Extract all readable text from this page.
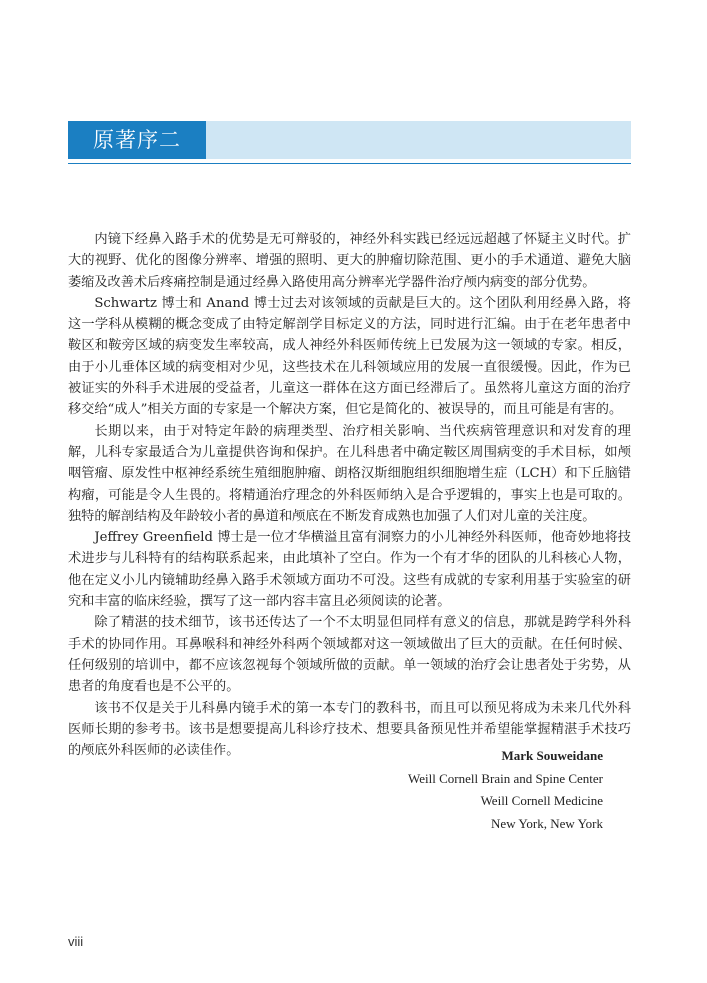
原著序二

内镜下经鼻入路手术的优势是无可辩驳的，神经外科实践已经远远超越了怀疑主义时代。扩大的视野、优化的图像分辨率、增强的照明、更大的肿瘤切除范围、更小的手术通道、避免大脑萎缩及改善术后疼痛控制是通过经鼻入路使用高分辨率光学器件治疗颅内病变的部分优势。

Schwartz 博士和 Anand 博士过去对该领域的贡献是巨大的。这个团队利用经鼻入路，将这一学科从模糊的概念变成了由特定解剖学目标定义的方法，同时进行汇编。由于在老年患者中鞍区和鞍旁区域的病变发生率较高，成人神经外科医师传统上已发展为这一领域的专家。相反，由于小儿垂体区域的病变相对少见，这些技术在儿科领域应用的发展一直很缓慢。因此，作为已被证实的外科手术进展的受益者，儿童这一群体在这方面已经滞后了。虽然将儿童这方面的治疗移交给“成人”相关方面的专家是一个解决方案，但它是简化的、被误导的，而且可能是有害的。

长期以来，由于对特定年龄的病理类型、治疗相关影响、当代疾病管理意识和对发育的理解，儿科专家最适合为儿童提供咨询和保护。在儿科患者中确定鞍区周围病变的手术目标，如颅咽管瘤、原发性中枢神经系统生殖细胞肿瘤、朗格汉斯细胞组织细胞增生症（LCH）和下丘脑错构瘤，可能是令人生畏的。将精通治疗理念的外科医师纳入是合乎逻辑的，事实上也是可取的。独特的解剖结构及年龄较小者的鼻道和颅底在不断发育成熟也加强了人们对儿童的关注度。

Jeffrey Greenfield 博士是一位才华横溢且富有洞察力的小儿神经外科医师，他奇妙地将技术进步与儿科特有的结构联系起来，由此填补了空白。作为一个有才华的团队的儿科核心人物，他在定义小儿内镜辅助经鼻入路手术领域方面功不可没。这些有成就的专家利用基于实验室的研究和丰富的临床经验，撰写了这一部内容丰富且必须阅读的论著。

除了精湛的技术细节，该书还传达了一个不太明显但同样有意义的信息，那就是跨学科外科手术的协同作用。耳鼻喉科和神经外科两个领域都对这一领域做出了巨大的贡献。在任何时候、任何级别的培训中，都不应该忽视每个领域所做的贡献。单一领域的治疗会让患者处于劣势，从患者的角度看也是不公平的。

该书不仅是关于儿科鼻内镜手术的第一本专门的教科书，而且可以预见将成为未来几代外科医师长期的参考书。该书是想要提高儿科诊疗技术、想要具备预见性并希望能掌握精湛手术技巧的颅底外科医师的必读佳作。	Mark Souweidane
Weill Cornell Brain and Spine Center
Weill Cornell Medicine
New York, New York
viii
